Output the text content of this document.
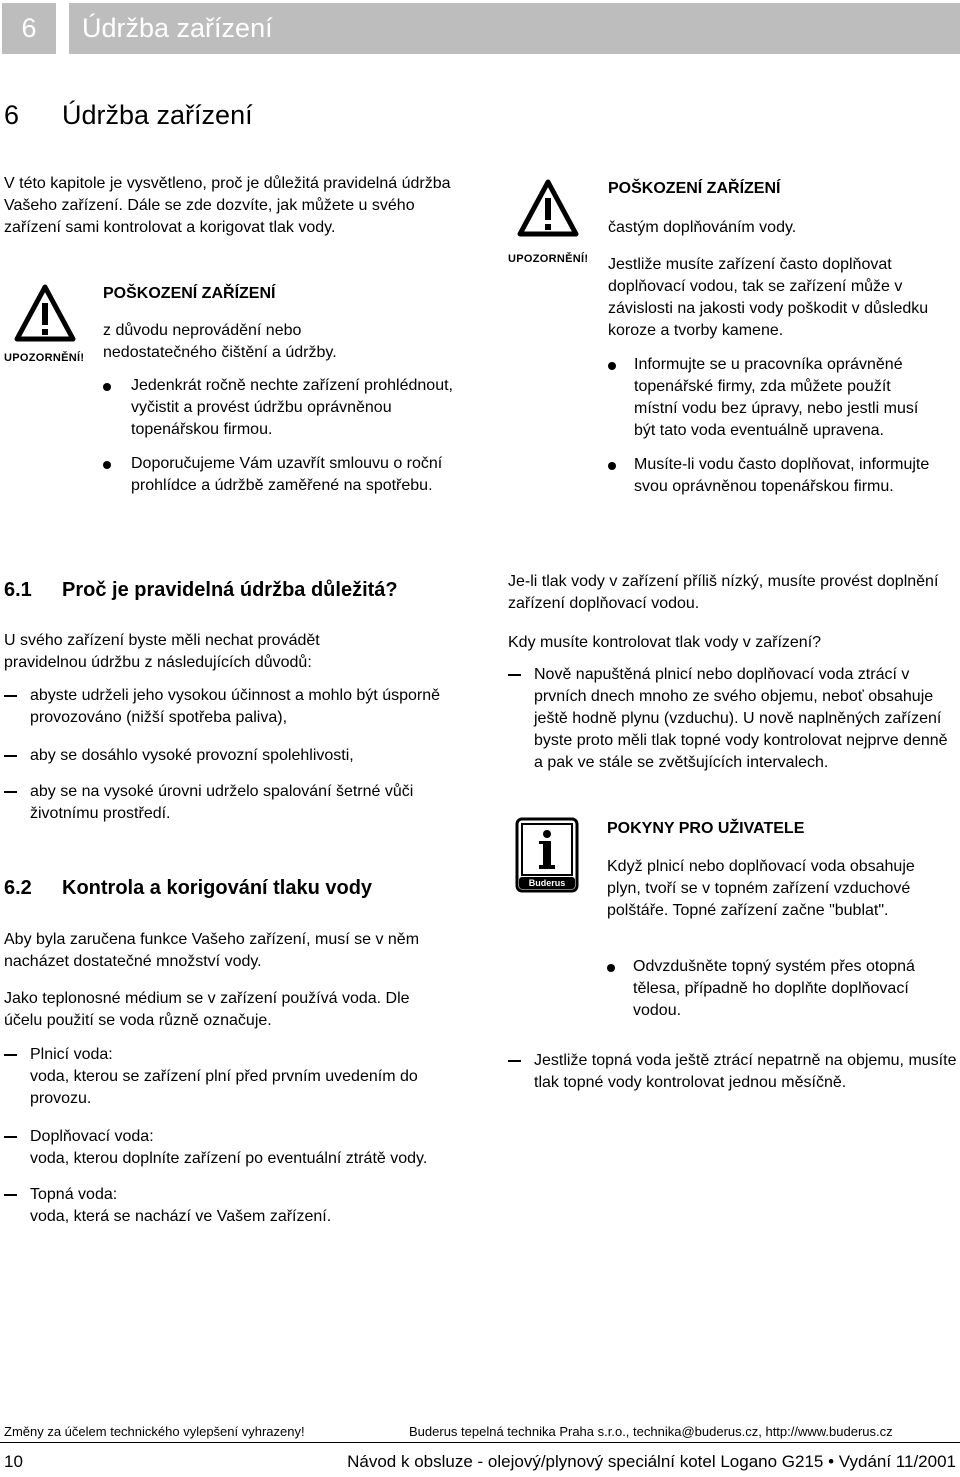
6	Údržba zařízení
6 Údržba zařízení
V této kapitole je vysvětleno, proč je důležitá pravidelná údržba Vašeho zařízení. Dále se zde dozvíte, jak můžete u svého zařízení sami kontrolovat a korigovat tlak vody.
UPOZORNĚNÍ!
POŠKOZENÍ ZAŘÍZENÍ
z důvodu neprovádění nebo nedostatečného čištění a údržby.
Jedenkrát ročně nechte zařízení prohlédnout, vyčistit a provést údržbu oprávněnou topenářskou firmou.
Doporučujeme Vám uzavřít smlouvu o roční prohlídce a údržbě zaměřené na spotřebu.
6.1 Proč je pravidelná údržba důležitá?
U svého zařízení byste měli nechat provádět pravidelnou údržbu z následujících důvodů:
abyste udrželi jeho vysokou účinnost a mohlo být úsporně provozováno (nižší spotřeba paliva),
aby se dosáhlo vysoké provozní spolehlivosti,
aby se na vysoké úrovni udrželo spalování šetrné vůči životnímu prostředí.
6.2 Kontrola a korigování tlaku vody
Aby byla zaručena funkce Vašeho zařízení, musí se v něm nacházet dostatečné množství vody.
Jako teplonosné médium se v zařízení používá voda. Dle účelu použití se voda různě označuje.
Plnicí voda:
voda, kterou se zařízení plní před prvním uvedením do provozu.
Doplňovací voda:
voda, kterou doplníte zařízení po eventuální ztrátě vody.
Topná voda:
voda, která se nachází ve Vašem zařízení.
UPOZORNĚNÍ!
POŠKOZENÍ ZAŘÍZENÍ
častým doplňováním vody.
Jestliže musíte zařízení často doplňovat doplňovací vodou, tak se zařízení může v závislosti na jakosti vody poškodit v důsledku koroze a tvorby kamene.
Informujte se u pracovníka oprávněné topenářské firmy, zda můžete použít místní vodu bez úpravy, nebo jestli musí být tato voda eventuálně upravena.
Musíte-li vodu často doplňovat, informujte svou oprávněnou topenářskou firmu.
Je-li tlak vody v zařízení příliš nízký, musíte provést doplnění zařízení doplňovací vodou.
Kdy musíte kontrolovat tlak vody v zařízení?
Nově napuštěná plnicí nebo doplňovací voda ztrácí v prvních dnech mnoho ze svého objemu, neboť obsahuje ještě hodně plynu (vzduchu). U nově naplněných zařízení byste proto měli tlak topné vody kontrolovat nejprve denně a pak ve stále se zvětšujících intervalech.
Buderus
POKYNY PRO UŽIVATELE
Když plnicí nebo doplňovací voda obsahuje plyn, tvoří se v topném zařízení vzduchové polštáře. Topné zařízení začne "bublat".
Odvzdušněte topný systém přes otopná tělesa, případně ho doplňte doplňovací vodou.
Jestliže topná voda ještě ztrácí nepatrně na objemu, musíte tlak topné vody kontrolovat jednou měsíčně.
Změny za účelem technického vylepšení vyhrazeny!	Buderus tepelná technika Praha s.r.o., technika@buderus.cz, http://www.buderus.cz
10	Návod k obsluze - olejový/plynový speciální kotel Logano G215 • Vydání 11/2001
